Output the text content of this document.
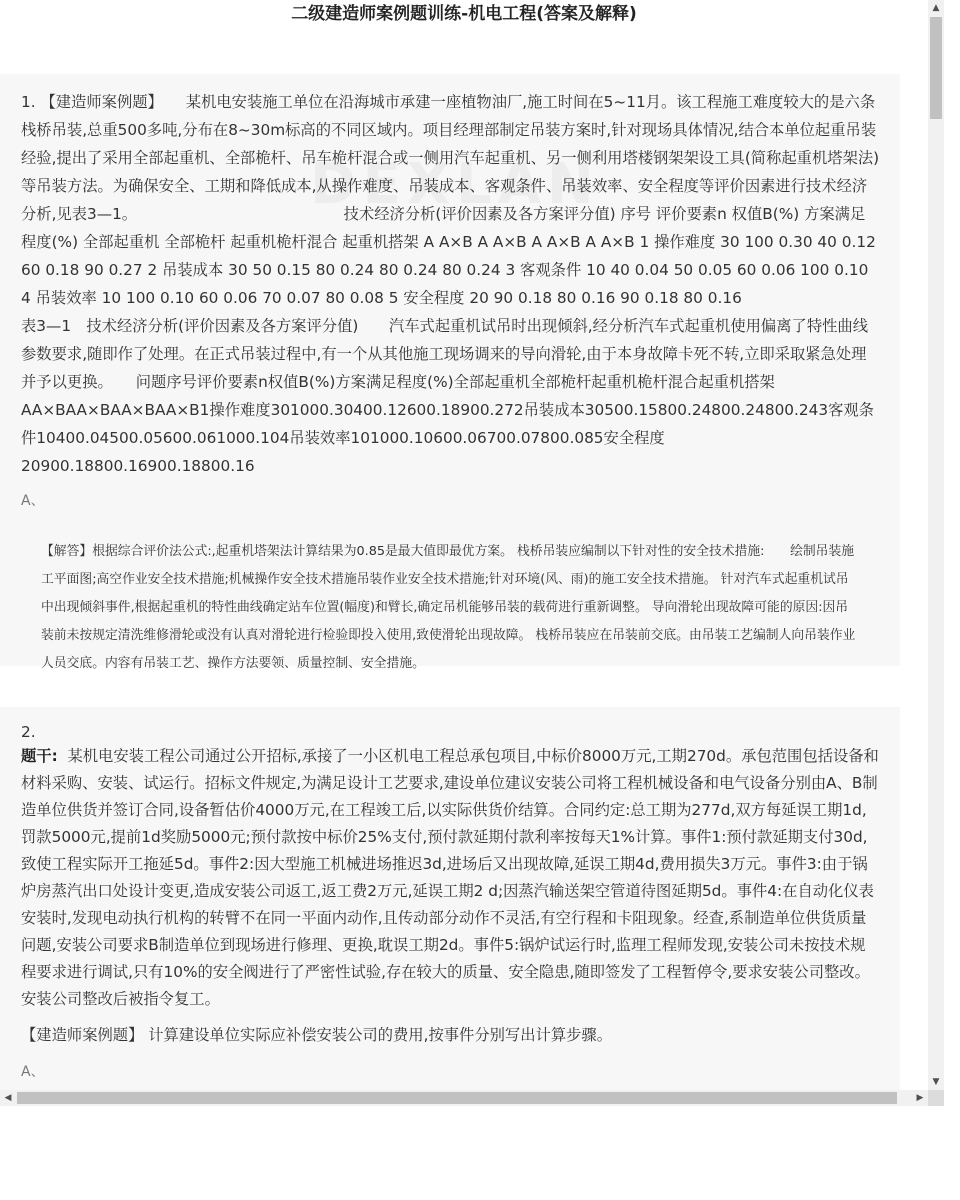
二级建造师案例题训练-机电工程(答案及解释)

1. 【建造师案例题】　　某机电安装施工单位在沿海城市承建一座植物油厂,施工时间在5~11月。该工程施工难度较大的是六条栈桥吊装,总重500多吨,分布在8~30m标高的不同区域内。项目经理部制定吊装方案时,针对现场具体情况,结合本单位起重吊装经验,提出了采用全部起重机、全部桅杆、吊车桅杆混合或一侧用汽车起重机、另一侧利用塔楼钢架架设工具(简称起重机塔架法)等吊装方法。为确保安全、工期和降低成本,从操作难度、吊装成本、客观条件、吊装效率、安全程度等评价因素进行技术经济分析,见表3—1。　　　　　　　　　　　　　　技术经济分析(评价因素及各方案评分值) 序号 评价要素n 权值B(%) 方案满足程度(%) 全部起重机 全部桅杆 起重机桅杆混合 起重机搭架 A A×B A A×B A A×B A A×B 1 操作难度 30 100 0.30 40 0.12 60 0.18 90 0.27 2 吊装成本 30 50 0.15 80 0.24 80 0.24 80 0.24 3 客观条件 10 40 0.04 50 0.05 60 0.06 100 0.10 4 吊装效率 10 100 0.10 60 0.06 70 0.07 80 0.08 5 安全程度 20 90 0.18 80 0.16 90 0.18 80 0.16　　　　　　　　　　表3—1　技术经济分析(评价因素及各方案评分值)　　汽车式起重机试吊时出现倾斜,经分析汽车式起重机使用偏离了特性曲线参数要求,随即作了处理。在正式吊装过程中,有一个从其他施工现场调来的导向滑轮,由于本身故障卡死不转,立即采取紧急处理并予以更换。　　问题序号评价要素n权值B(%)方案满足程度(%)全部起重机全部桅杆起重机桅杆混合起重机搭架AA×BAA×BAA×BAA×B1操作难度301000.30400.12600.18900.272吊装成本30500.15800.24800.24800.243客观条件10400.04500.05600.061000.104吊装效率101000.10600.06700.07800.085安全程度20900.18800.16900.18800.16

A、

【解答】根据综合评价法公式:,起重机塔架法计算结果为0.85是最大值即最优方案。 栈桥吊装应编制以下针对性的安全技术措施:　　绘制吊装施工平面图;高空作业安全技术措施;机械操作安全技术措施吊装作业安全技术措施;针对环境(风、雨)的施工安全技术措施。 针对汽车式起重机试吊中出现倾斜事件,根据起重机的特性曲线确定站车位置(幅度)和臂长,确定吊机能够吊装的载荷进行重新调整。 导向滑轮出现故障可能的原因:因吊装前未按规定清洗维修滑轮或没有认真对滑轮进行检验即投入使用,致使滑轮出现故障。 栈桥吊装应在吊装前交底。由吊装工艺编制人向吊装作业人员交底。内容有吊装工艺、操作方法要领、质量控制、安全措施。
2.

题干: 某机电安装工程公司通过公开招标,承接了一小区机电工程总承包项目,中标价8000万元,工期270d。承包范围包括设备和材料采购、安装、试运行。招标文件规定,为满足设计工艺要求,建设单位建议安装公司将工程机械设备和电气设备分别由A、B制造单位供货并签订合同,设备暂估价4000万元,在工程竣工后,以实际供货价结算。合同约定:总工期为277d,双方每延误工期1d,罚款5000元,提前1d奖励5000元;预付款按中标价25%支付,预付款延期付款利率按每天1%计算。事件1:预付款延期支付30d,致使工程实际开工拖延5d。事件2:因大型施工机械进场推迟3d,进场后又出现故障,延误工期4d,费用损失3万元。事件3:由于锅炉房蒸汽出口处设计变更,造成安装公司返工,返工费2万元,延误工期2 d;因蒸汽输送架空管道待图延期5d。事件4:在自动化仪表安装时,发现电动执行机构的转臂不在同一平面内动作,且传动部分动作不灵活,有空行程和卡阻现象。经查,系制造单位供货质量问题,安装公司要求B制造单位到现场进行修理、更换,耽误工期2d。事件5:锅炉试运行时,监理工程师发现,安装公司未按技术规程要求进行调试,只有10%的安全阀进行了严密性试验,存在较大的质量、安全隐患,随即签发了工程暂停令,要求安装公司整改。安装公司整改后被指令复工。

【建造师案例题】 计算建设单位实际应补偿安装公司的费用,按事件分别写出计算步骤。

A、

▲
▼
◀	▶
